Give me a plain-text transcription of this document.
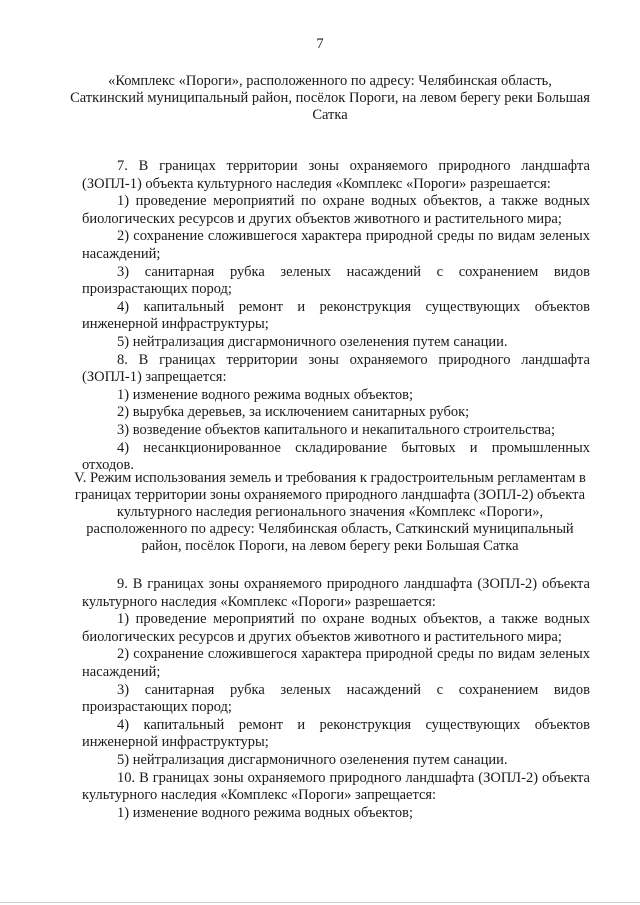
7
«Комплекс «Пороги», расположенного по адресу: Челябинская область, Саткинский муниципальный район, посёлок Пороги, на левом берегу реки Большая Сатка

7. В границах территории зоны охраняемого природного ландшафта (ЗОПЛ-1) объекта культурного наследия «Комплекс «Пороги» разрешается:

1) проведение мероприятий по охране водных объектов, а также водных биологических ресурсов и других объектов животного и растительного мира;

2) сохранение сложившегося характера природной среды по видам зеленых насаждений;

3) санитарная рубка зеленых насаждений с сохранением видов произрастающих пород;

4) капитальный ремонт и реконструкция существующих объектов инженерной инфраструктуры;

5) нейтрализация дисгармоничного озеленения путем санации.

8. В границах территории зоны охраняемого природного ландшафта (ЗОПЛ-1) запрещается:

1) изменение водного режима водных объектов;

2) вырубка деревьев, за исключением санитарных рубок;

3) возведение объектов капитального и некапитального строительства;

4) несанкционированное складирование бытовых и промышленных отходов.

V. Режим использования земель и требования к градостроительным регламентам в границах территории зоны охраняемого природного ландшафта (ЗОПЛ-2) объекта культурного наследия регионального значения «Комплекс «Пороги», расположенного по адресу: Челябинская область, Саткинский муниципальный район, посёлок Пороги, на левом берегу реки Большая Сатка

9. В границах зоны охраняемого природного ландшафта (ЗОПЛ-2) объекта культурного наследия «Комплекс «Пороги» разрешается:

1) проведение мероприятий по охране водных объектов, а также водных биологических ресурсов и других объектов животного и растительного мира;

2) сохранение сложившегося характера природной среды по видам зеленых насаждений;

3) санитарная рубка зеленых насаждений с сохранением видов произрастающих пород;

4) капитальный ремонт и реконструкция существующих объектов инженерной инфраструктуры;

5) нейтрализация дисгармоничного озеленения путем санации.

10. В границах зоны охраняемого природного ландшафта (ЗОПЛ-2) объекта культурного наследия «Комплекс «Пороги» запрещается:

1) изменение водного режима водных объектов;
